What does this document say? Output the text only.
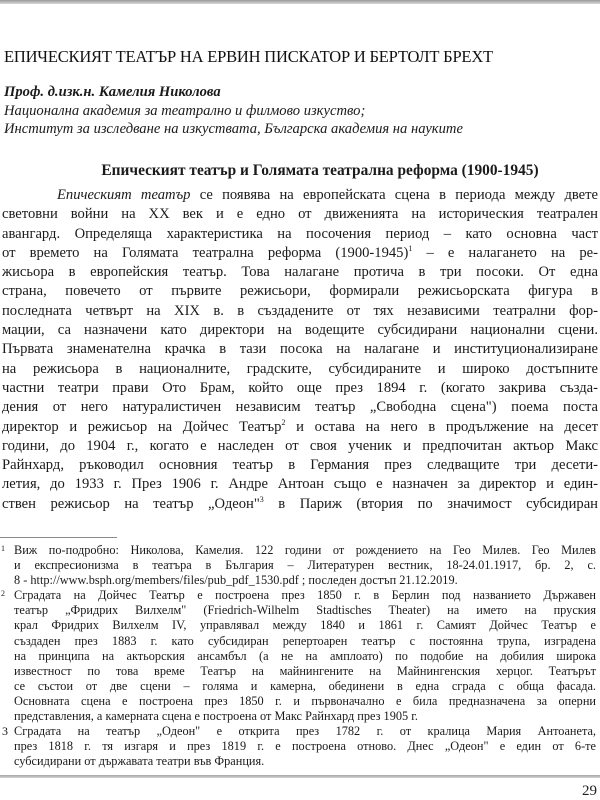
ЕПИЧЕСКИЯТ ТЕАТЪР НА ЕРВИН ПИСКАТОР И БЕРТОЛТ БРЕХТ
Проф. д.изк.н. Камелия Николова
Национална академия за театрално и филмово изкуство;
Институт за изследване на изкуствата, Българска академия на науките
Епическият театър и Голямата театрална реформа (1900-1945)
Епическият театър се появява на европейската сцена в периода между двете
световни войни на XX век и е едно от движенията на историческия театрален
авангард. Определяща характеристика на посочения период – като основна част
от времето на Голямата театрална реформа (1900-1945)$^1$ – е налагането на ре-
жисьора в европейския театър. Това налагане протича в три посоки. От една
страна, повечето от първите режисьори, формирали режисьорската фигура в
последната четвърт на XIX в. в създадените от тях независими театрални фор-
мации, са назначени като директори на водещите субсидирани национални сцени.
Първата знаменателна крачка в тази посока на налагане и институционализиране
на режисьора в националните, градските, субсидираните и широко достъпните
частни театри прави Ото Брам, който още през 1894 г. (когато закрива създа-
дения от него натуралистичен независим театър „Свободна сцена") поема поста
директор и режисьор на Дойчес Театър$^2$ и остава на него в продължение на десет
години, до 1904 г., когато е наследен от своя ученик и предпочитан актьор Макс
Райнхард, ръководил основния театър в Германия през следващите три десети-
летия, до 1933 г. През 1906 г. Андре Антоан също е назначен за директор и един-
ствен режисьор на театър „Одеон"$^3$ в Париж (втория по значимост субсидиран
1 Виж по-подробно: Николова, Камелия. 122 години от рождението на Гео Милев. Гео Милев
и експресионизма в театъра в България – Литературен вестник, 18-24.01.1917, бр. 2, с.
8 - http://www.bsph.org/members/files/pub_pdf_1530.pdf ; последен достъп 21.12.2019.
2 Сградата на Дойчес Театър е построена през 1850 г. в Берлин под названието Държавен
театър „Фридрих Вилхелм" (Friedrich-Wilhelm Stadtisches Theater) на името на пруския
крал Фридрих Вилхелм IV, управлявал между 1840 и 1861 г. Самият Дойчес Театър е
създаден през 1883 г. като субсидиран репертоарен театър с постоянна трупа, изградена
на принципа на актьорския ансамбъл (а не на амплоато) по подобие на добилия широка
известност по това време Театър на майнингените на Майнингенския херцог. Театърът
се състои от две сцени – голяма и камерна, обединени в една сграда с обща фасада.
Основната сцена е построена през 1850 г. и първоначално е била предназначена за оперни
представления, а камерната сцена е построена от Макс Райнхард през 1905 г.
3 Сградата на театър „Одеон" е открита през 1782 г. от кралица Мария Антоанета,
през 1818 г. тя изгаря и през 1819 г. е построена отново. Днес „Одеон" е един от 6-те
субсидирани от държавата театри във Франция.
29
